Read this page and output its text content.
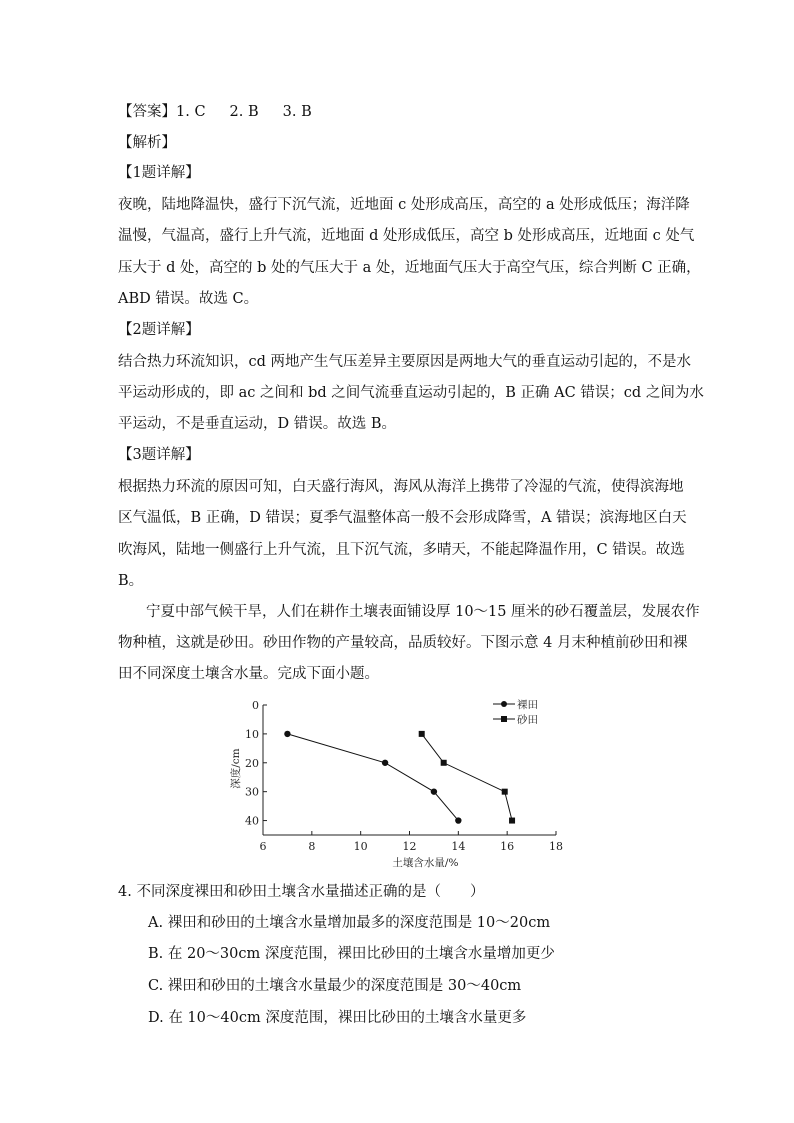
【答案】1. C 2. B 3. B
【解析】
【1题详解】
夜晚，陆地降温快，盛行下沉气流，近地面 c 处形成高压，高空的 a 处形成低压；海洋降
温慢，气温高，盛行上升气流，近地面 d 处形成低压，高空 b 处形成高压，近地面 c 处气
压大于 d 处，高空的 b 处的气压大于 a 处，近地面气压大于高空气压，综合判断 C 正确，
ABD 错误。故选 C。
【2题详解】
结合热力环流知识，cd 两地产生气压差异主要原因是两地大气的垂直运动引起的，不是水
平运动形成的，即 ac 之间和 bd 之间气流垂直运动引起的，B 正确 AC 错误；cd 之间为水
平运动，不是垂直运动，D 错误。故选 B。
【3题详解】
根据热力环流的原因可知，白天盛行海风，海风从海洋上携带了冷湿的气流，使得滨海地
区气温低，B 正确，D 错误；夏季气温整体高一般不会形成降雪，A 错误；滨海地区白天
吹海风，陆地一侧盛行上升气流，且下沉气流，多晴天，不能起降温作用，C 错误。故选
B。
宁夏中部气候干旱，人们在耕作土壤表面铺设厚 10～15 厘米的砂石覆盖层，发展农作
物种植，这就是砂田。砂田作物的产量较高，品质较好。下图示意 4 月末种植前砂田和裸
田不同深度土壤含水量。完成下面小题。
6	8	10	12	14	16	18
0
10
20
30
40
土壤含水量/%
深度/cm
裸田
砂田
4. 不同深度裸田和砂田土壤含水量描述正确的是（　　）
A. 裸田和砂田的土壤含水量增加最多的深度范围是 10～20cm
B. 在 20～30cm 深度范围，裸田比砂田的土壤含水量增加更少
C. 裸田和砂田的土壤含水量最少的深度范围是 30～40cm
D. 在 10～40cm 深度范围，裸田比砂田的土壤含水量更多
